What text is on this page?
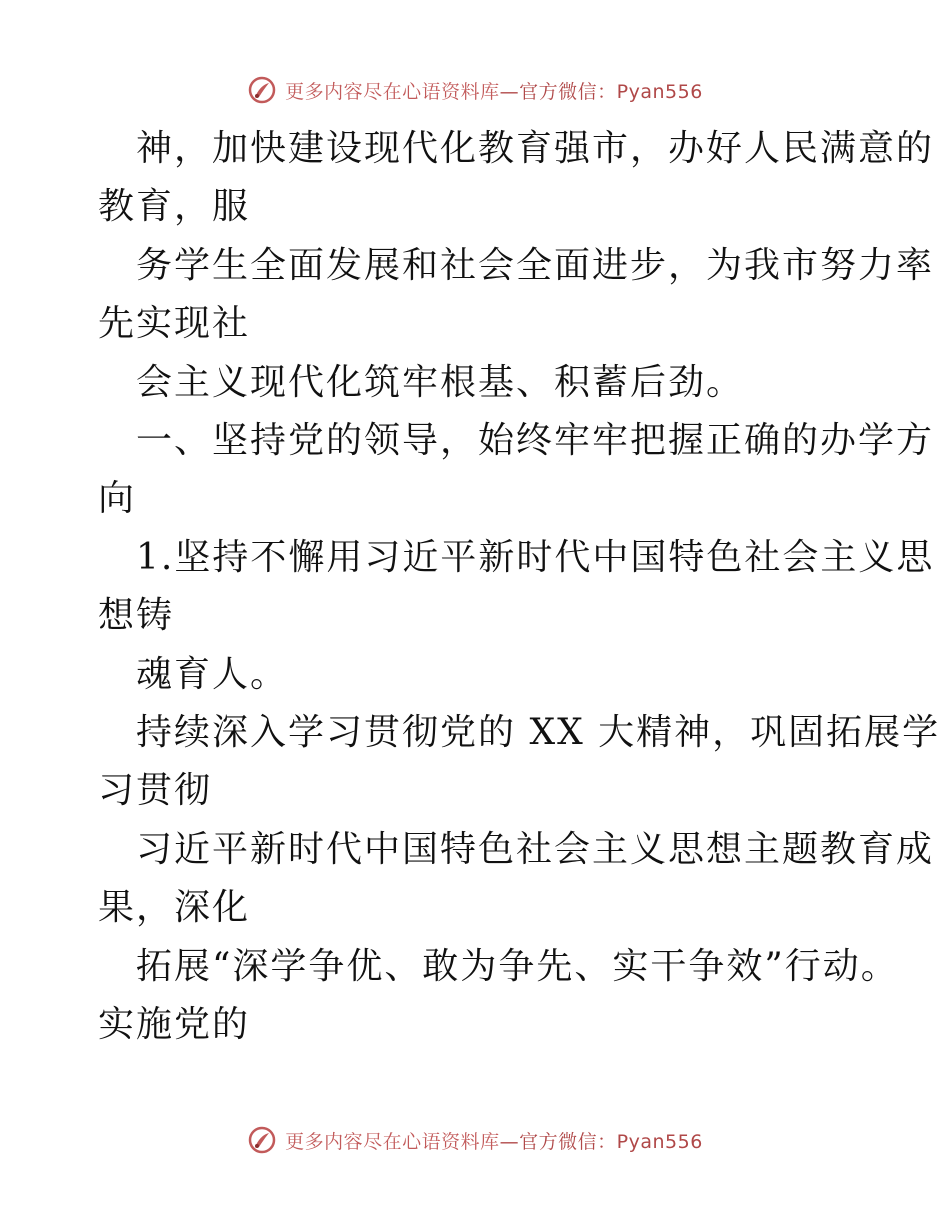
更多内容尽在心语资料库—官方微信：Pyan556
神，加快建设现代化教育强市，办好人民满意的
教育，服
务学生全面发展和社会全面进步，为我市努力率
先实现社
会主义现代化筑牢根基、积蓄后劲。
一、坚持党的领导，始终牢牢把握正确的办学方
向
1.坚持不懈用习近平新时代中国特色社会主义思
想铸
魂育人。
持续深入学习贯彻党的 XX 大精神，巩固拓展学
习贯彻
习近平新时代中国特色社会主义思想主题教育成
果，深化
拓展“深学争优、敢为争先、实干争效”行动。
实施党的
更多内容尽在心语资料库—官方微信：Pyan556
